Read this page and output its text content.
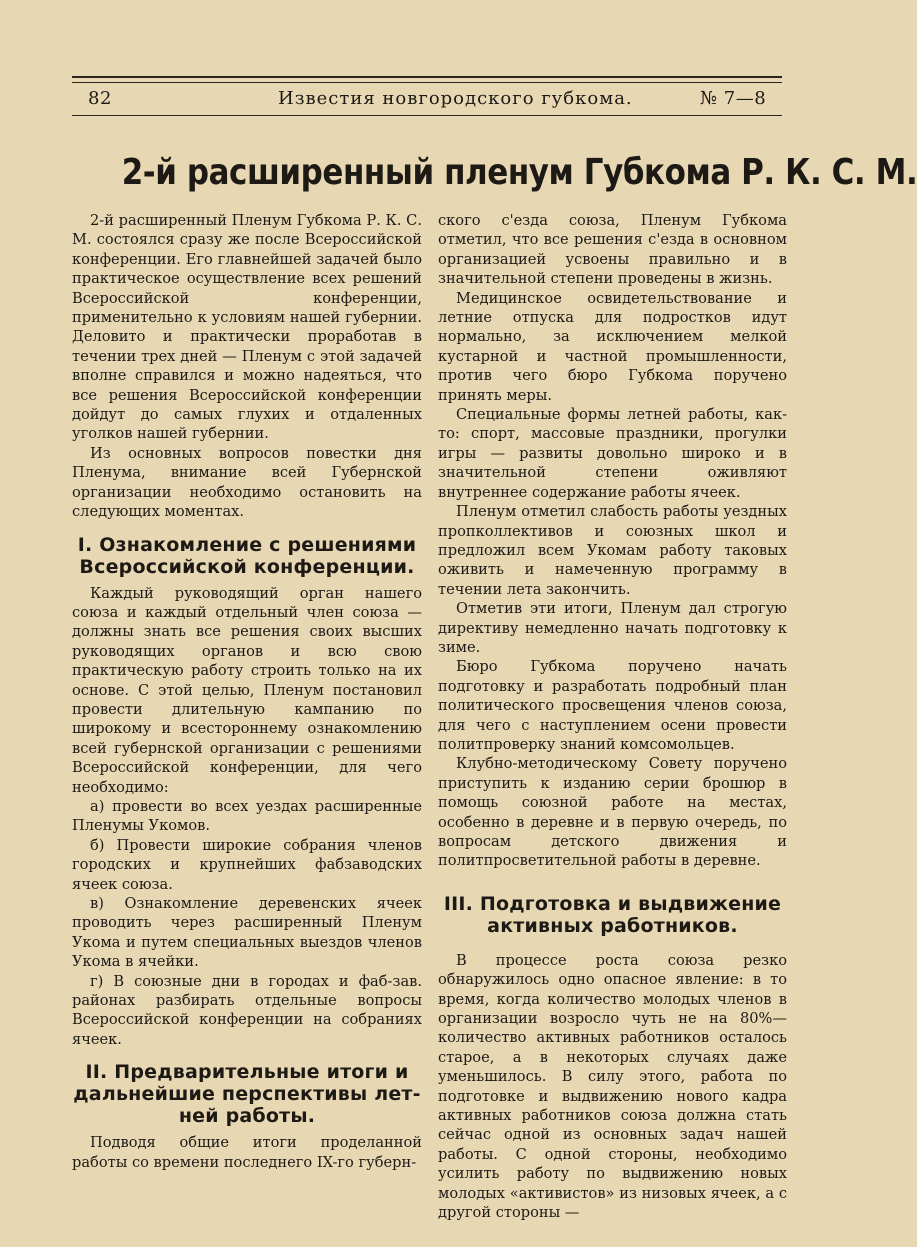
82	Известия новгородского губкома.	№ 7—8
2-й расширенный пленум Губкома Р. К. С. М.

2-й расширенный Пленум Губкома Р. К. С. М. состоялся сразу же после Всероссийской конференции. Его главнейшей задачей было практическое осуществление всех решений Всероссийской конференции, применительно к условиям нашей губернии. Деловито и практически проработав в течении трех дней — Пленум с этой задачей вполне справился и можно надеяться, что все решения Всероссийской конференции дойдут до самых глухих и отдаленных уголков нашей губернии.

Из основных вопросов повестки дня Пленума, внимание всей Губернской организации необходимо остановить на следующих моментах.

I. Ознакомление с решениями
Всероссийской конференции.

Каждый руководящий орган нашего союза и каждый отдельный член союза — должны знать все решения своих высших руководящих органов и всю свою практическую работу строить только на их основе. С этой целью, Пленум постановил провести длительную кампанию по широкому и всестороннему ознакомлению всей губернской организации с решениями Всероссийской конференции, для чего необходимо:

а) провести во всех уездах расширенные Пленумы Укомов.

б) Провести широкие собрания членов городских и крупнейших фабзаводских ячеек союза.

в) Ознакомление деревенских ячеек проводить через расширенный Пленум Укома и путем специальных выездов членов Укома в ячейки.

г) В союзные дни в городах и фаб-зав. районах разбирать отдельные вопросы Всероссийской конференции на собраниях ячеек.

II. Предварительные итоги и
дальнейшие перспективы лет-
ней работы.

Подводя общие итоги проделанной работы со времени последнего IX-го губерн-

ского с'езда союза, Пленум Губкома отметил, что все решения с'езда в основном организацией усвоены правильно и в значительной степени проведены в жизнь.

Медицинское освидетельствование и летние отпуска для подростков идут нормально, за исключением мелкой кустарной и частной промышленности, против чего бюро Губкома поручено принять меры.

Специальные формы летней работы, как-то: спорт, массовые праздники, прогулки игры — развиты довольно широко и в значительной степени оживляют внутреннее содержание работы ячеек.

Пленум отметил слабость работы уездных пропколлективов и союзных школ и предложил всем Укомам работу таковых оживить и намеченную программу в течении лета закончить.

Отметив эти итоги, Пленум дал строгую директиву немедленно начать подготовку к зиме.

Бюро Губкома поручено начать подготовку и разработать подробный план политического просвещения членов союза, для чего с наступлением осени провести политпроверку знаний комсомольцев.

Клубно-методическому Совету поручено приступить к изданию серии брошюр в помощь союзной работе на местах, особенно в деревне и в первую очередь, по вопросам детского движения и политпросветительной работы в деревне.

III. Подготовка и выдвижение
активных работников.

В процессе роста союза резко обнаружилось одно опасное явление: в то время, когда количество молодых членов в организации возросло чуть не на 80%—количество активных работников осталось старое, а в некоторых случаях даже уменьшилось. В силу этого, работа по подготовке и выдвижению нового кадра активных работников союза должна стать сейчас одной из основных задач нашей работы. С одной стороны, необходимо усилить работу по выдвижению новых молодых «активистов» из низовых ячеек, а с другой стороны —
